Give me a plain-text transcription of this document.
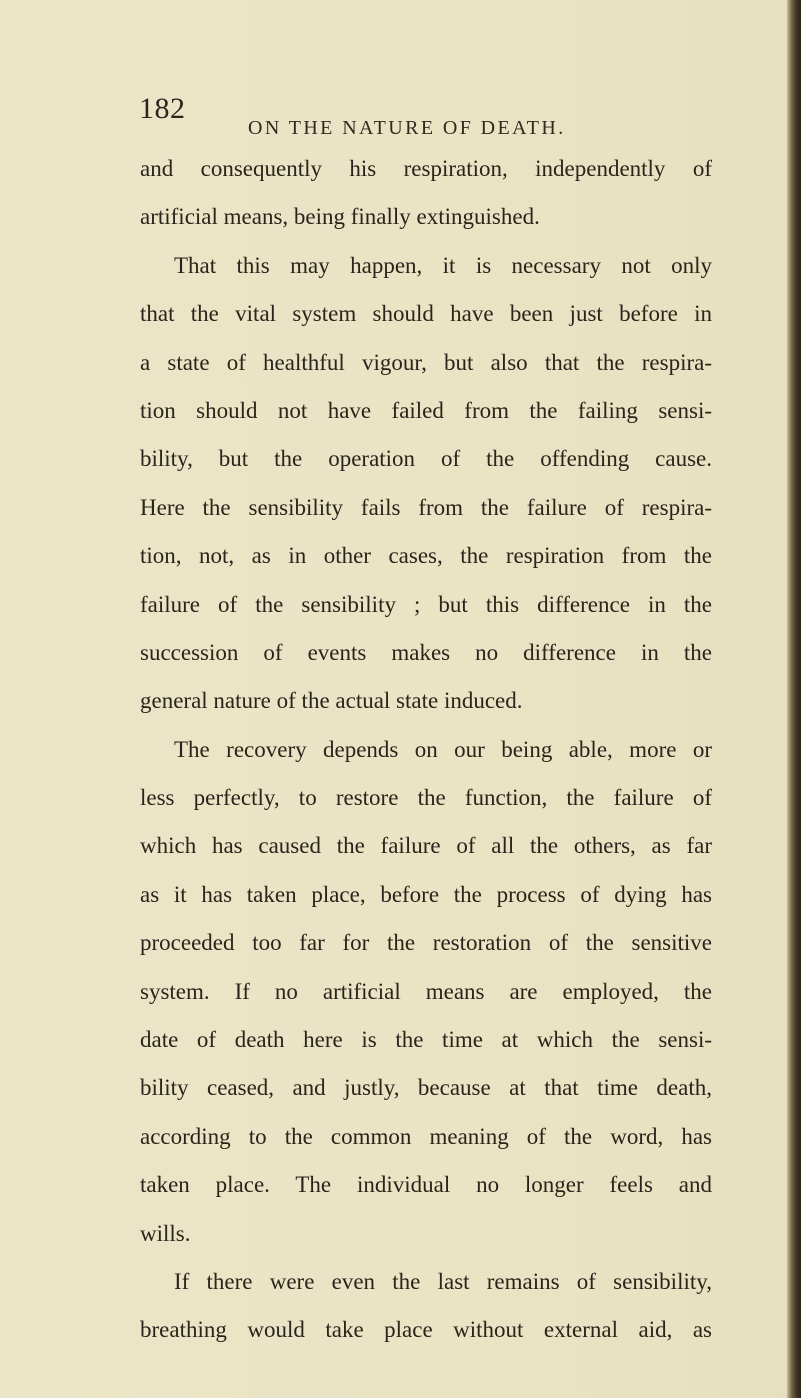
182
ON THE NATURE OF DEATH.
and consequently his respiration, independently of
artificial means, being finally extinguished.
That this may happen, it is necessary not only
that the vital system should have been just before in
a state of healthful vigour, but also that the respira-
tion should not have failed from the failing sensi-
bility, but the operation of the offending cause.
Here the sensibility fails from the failure of respira-
tion, not, as in other cases, the respiration from the
failure of the sensibility ; but this difference in the
succession of events makes no difference in the
general nature of the actual state induced.
The recovery depends on our being able, more or
less perfectly, to restore the function, the failure of
which has caused the failure of all the others, as far
as it has taken place, before the process of dying has
proceeded too far for the restoration of the sensitive
system. If no artificial means are employed, the
date of death here is the time at which the sensi-
bility ceased, and justly, because at that time death,
according to the common meaning of the word, has
taken place. The individual no longer feels and
wills.
If there were even the last remains of sensibility,
breathing would take place without external aid, as
